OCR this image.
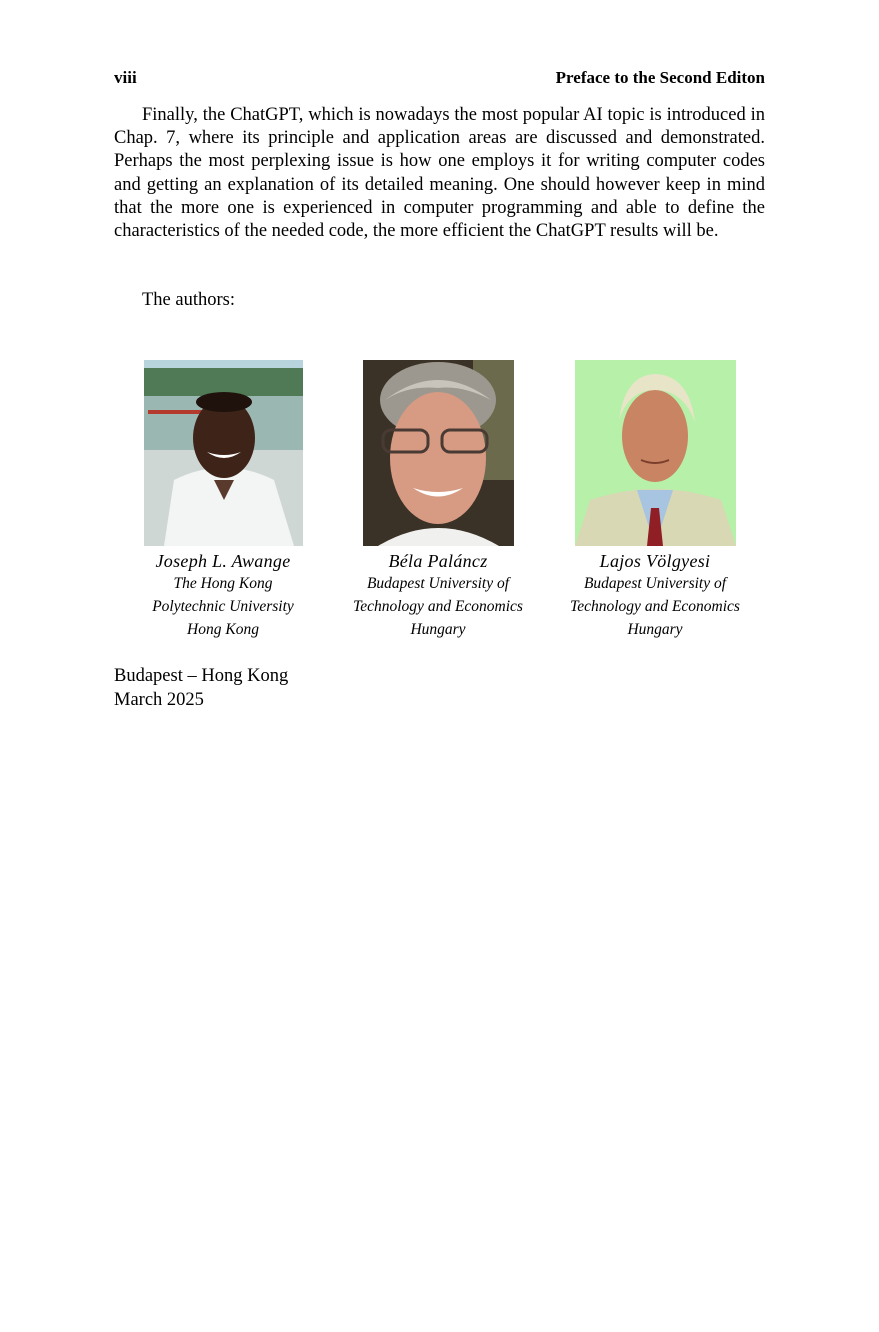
viii	Preface to the Second Editon

Finally, the ChatGPT, which is nowadays the most popular AI topic is introduced in Chap. 7, where its principle and application areas are discussed and demonstrated. Perhaps the most perplexing issue is how one employs it for writing computer codes and getting an explanation of its detailed meaning. One should however keep in mind that the more one is experienced in computer programming and able to define the characteristics of the needed code, the more efficient the ChatGPT results will be.

The authors:

Joseph L. Awange
The Hong Kong
Polytechnic University
Hong Kong
Béla Paláncz
Budapest University of
Technology and Economics
Hungary
Lajos Völgyesi
Budapest University of
Technology and Economics
Hungary
Budapest – Hong Kong
March 2025
